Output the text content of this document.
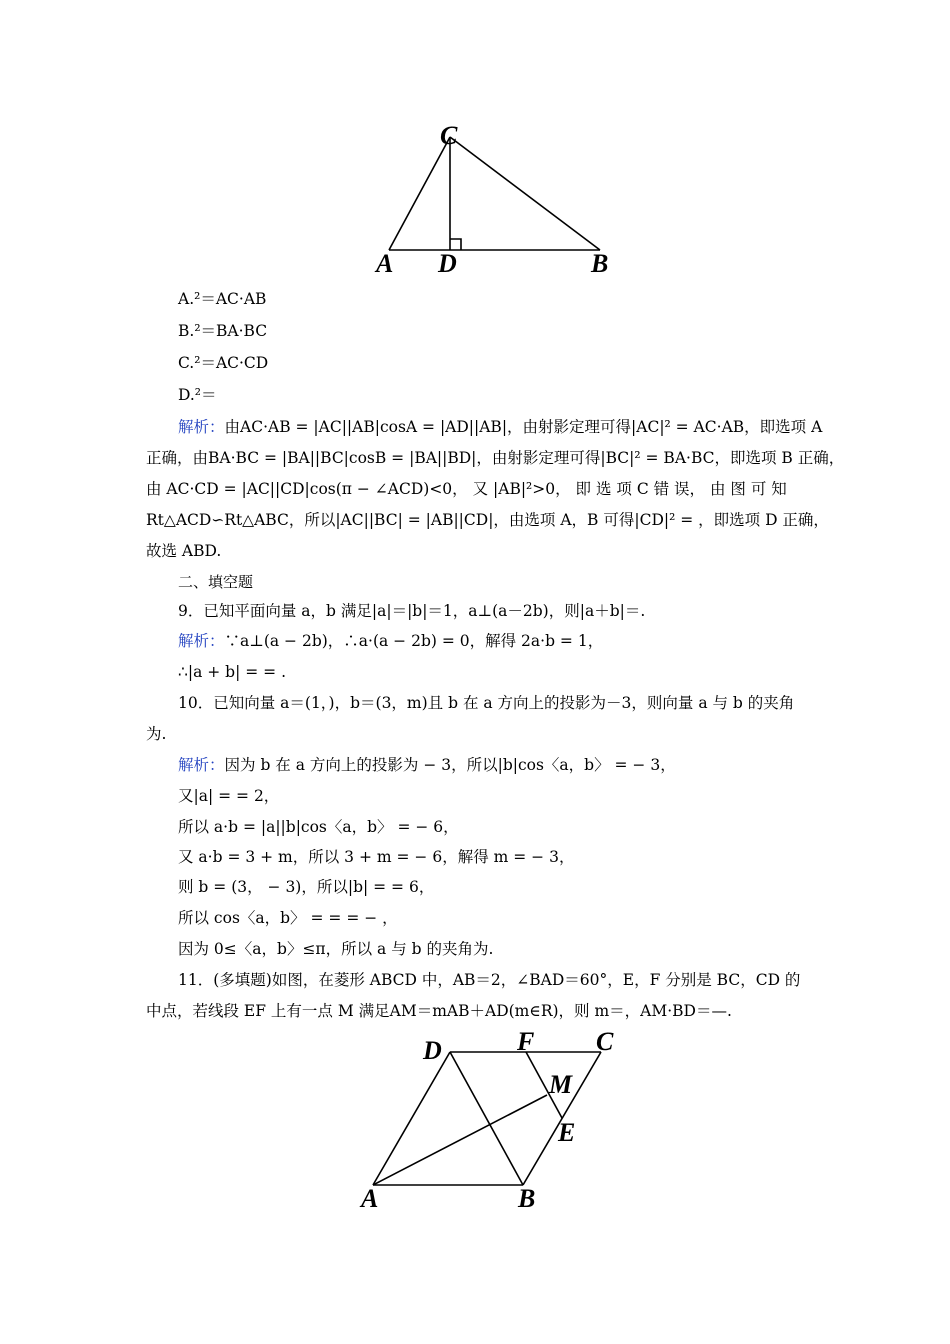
C
A D	B
A.²＝AC·AB
B.²＝BA·BC
C.²＝AC·CD
D.²＝
解析：由AC·AB = |AC||AB|cosA = |AD||AB|，由射影定理可得|AC|² = AC·AB，即选项 A
正确，由BA·BC = |BA||BC|cosB = |BA||BD|，由射影定理可得|BC|² = BA·BC，即选项 B 正确，
由 AC·CD = |AC||CD|cos(π − ∠ACD)<0， 又 |AB|²>0， 即 选 项 C 错 误， 由 图 可 知
Rt△ACD∽Rt△ABC，所以|AC||BC| = |AB||CD|，由选项 A，B 可得|CD|² = ，即选项 D 正确，
故选 ABD.
二、填空题
9．已知平面向量 a，b 满足|a|＝|b|＝1，a⊥(a－2b)，则|a＋b|＝.
解析：∵a⊥(a − 2b)，∴a·(a − 2b) = 0，解得 2a·b = 1，
∴|a + b| = = .
10．已知向量 a＝(1，)，b＝(3，m)且 b 在 a 方向上的投影为－3，则向量 a 与 b 的夹角
为.
解析：因为 b 在 a 方向上的投影为 − 3，所以|b|cos〈a，b〉 = − 3，
又|a| = = 2，
所以 a·b = |a||b|cos〈a，b〉 = − 6，
又 a·b = 3 + m，所以 3 + m = − 6，解得 m = − 3，
则 b = (3， − 3)，所以|b| = = 6，
所以 cos〈a，b〉 = = = − ，
因为 0≤〈a，b〉≤π，所以 a 与 b 的夹角为.
11．(多填题)如图，在菱形 ABCD 中，AB＝2，∠BAD＝60°，E，F 分别是 BC，CD 的
中点，若线段 EF 上有一点 M 满足AM＝mAB＋AD(m∈R)，则 m＝，AM·BD＝—.
D	F C
M
E
A	B
